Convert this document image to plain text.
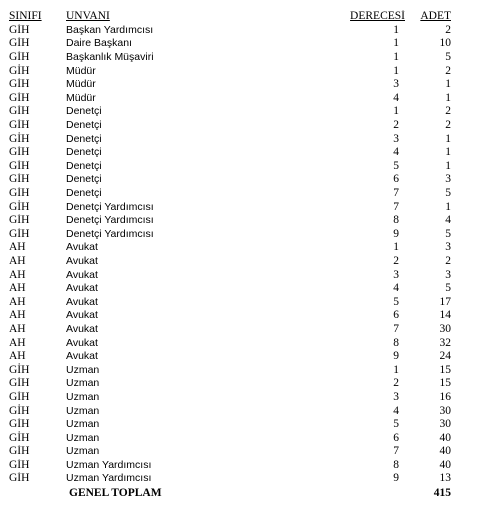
SINIFI	UNVANI	DERECESİ	ADET
GİH	Başkan Yardımcısı	1	2
GİH	Daire Başkanı	1	10
GİH	Başkanlık Müşaviri	1	5
GİH	Müdür	1	2
GİH	Müdür	3	1
GİH	Müdür	4	1
GİH	Denetçi	1	2
GİH	Denetçi	2	2
GİH	Denetçi	3	1
GİH	Denetçi	4	1
GİH	Denetçi	5	1
GİH	Denetçi	6	3
GİH	Denetçi	7	5
GİH	Denetçi Yardımcısı	7	1
GİH	Denetçi Yardımcısı	8	4
GİH	Denetçi Yardımcısı	9	5
AH	Avukat	1	3
AH	Avukat	2	2
AH	Avukat	3	3
AH	Avukat	4	5
AH	Avukat	5	17
AH	Avukat	6	14
AH	Avukat	7	30
AH	Avukat	8	32
AH	Avukat	9	24
GİH	Uzman	1	15
GİH	Uzman	2	15
GİH	Uzman	3	16
GİH	Uzman	4	30
GİH	Uzman	5	30
GİH	Uzman	6	40
GİH	Uzman	7	40
GİH	Uzman Yardımcısı	8	40
GİH	Uzman Yardımcısı	9	13
	GENEL TOPLAM		415
